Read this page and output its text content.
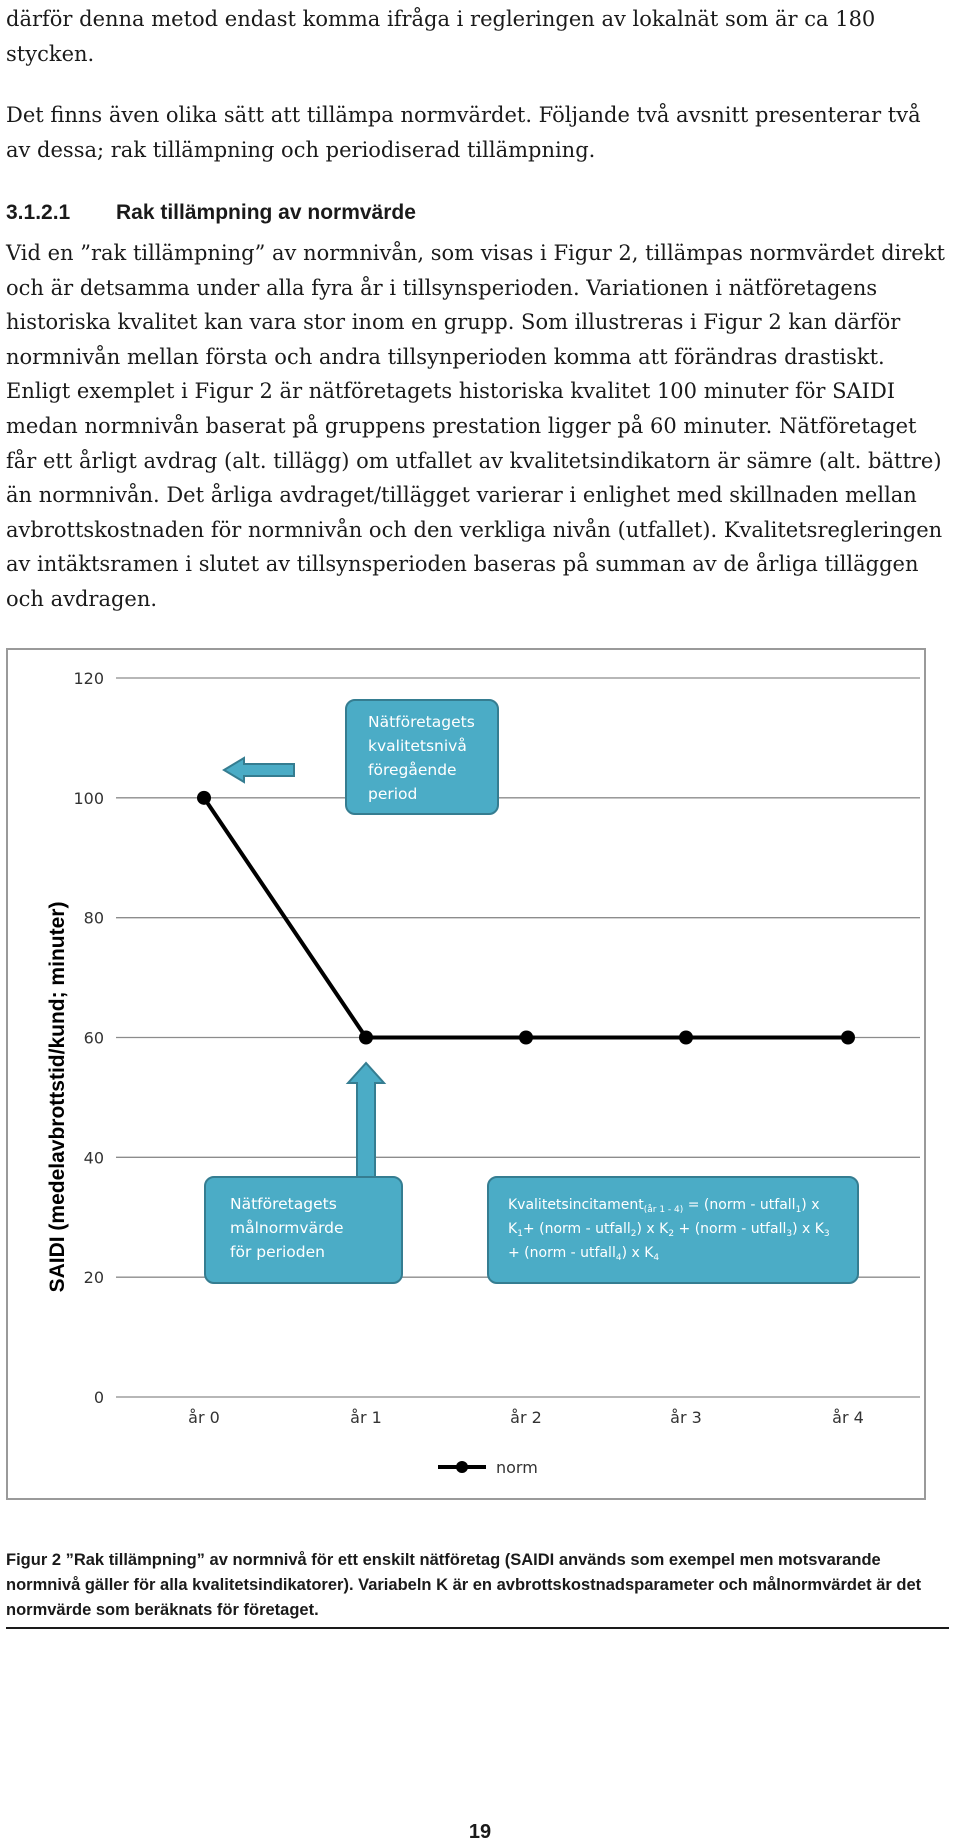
därför denna metod endast komma ifråga i regleringen av lokalnät som är ca 180 stycken.

Det finns även olika sätt att tillämpa normvärdet. Följande två avsnitt presenterar två av dessa; rak tillämpning och periodiserad tillämpning.

3.1.2.1 Rak tillämpning av normvärde

Vid en ”rak tillämpning” av normnivån, som visas i Figur 2, tillämpas normvärdet direkt och är detsamma under alla fyra år i tillsynsperioden. Variationen i nätföretagens historiska kvalitet kan vara stor inom en grupp. Som illustreras i Figur 2 kan därför normnivån mellan första och andra tillsynperioden komma att förändras drastiskt. Enligt exemplet i Figur 2 är nätföretagets historiska kvalitet 100 minuter för SAIDI medan normnivån baserat på gruppens prestation ligger på 60 minuter. Nätföretaget får ett årligt avdrag (alt. tillägg) om utfallet av kvalitetsindikatorn är sämre (alt. bättre) än normnivån. Det årliga avdraget/tillägget varierar i enlighet med skillnaden mellan avbrottskostnaden för normnivån och den verkliga nivån (utfallet). Kvalitetsregleringen av intäktsramen i slutet av tillsynsperioden baseras på summan av de årliga tilläggen och avdragen.

0
20
40
60
80
100
120
år 0	år 1	år 2	år 3	år 4
SAIDI (medelavbrottstid/kund; minuter)
Nätföretagets kvalitetsnivå föregående period
Nätföretagets målnormvärde för perioden
Kvalitetsincitament$_{(år 1 - 4)}$ = (norm - utfall$_1$) x $K_1+$ (norm - utfall$_2$) x $K_2$ + (norm - utfall$_3$) x $K_3$ + (norm - utfall$_4$) x $K_4$
norm

Figur 2 ”Rak tillämpning” av normnivå för ett enskilt nätföretag (SAIDI används som exempel men motsvarande normnivå gäller för alla kvalitetsindikatorer). Variabeln K är en avbrottskostnadsparameter och målnormvärdet är det normvärde som beräknats för företaget.

19
